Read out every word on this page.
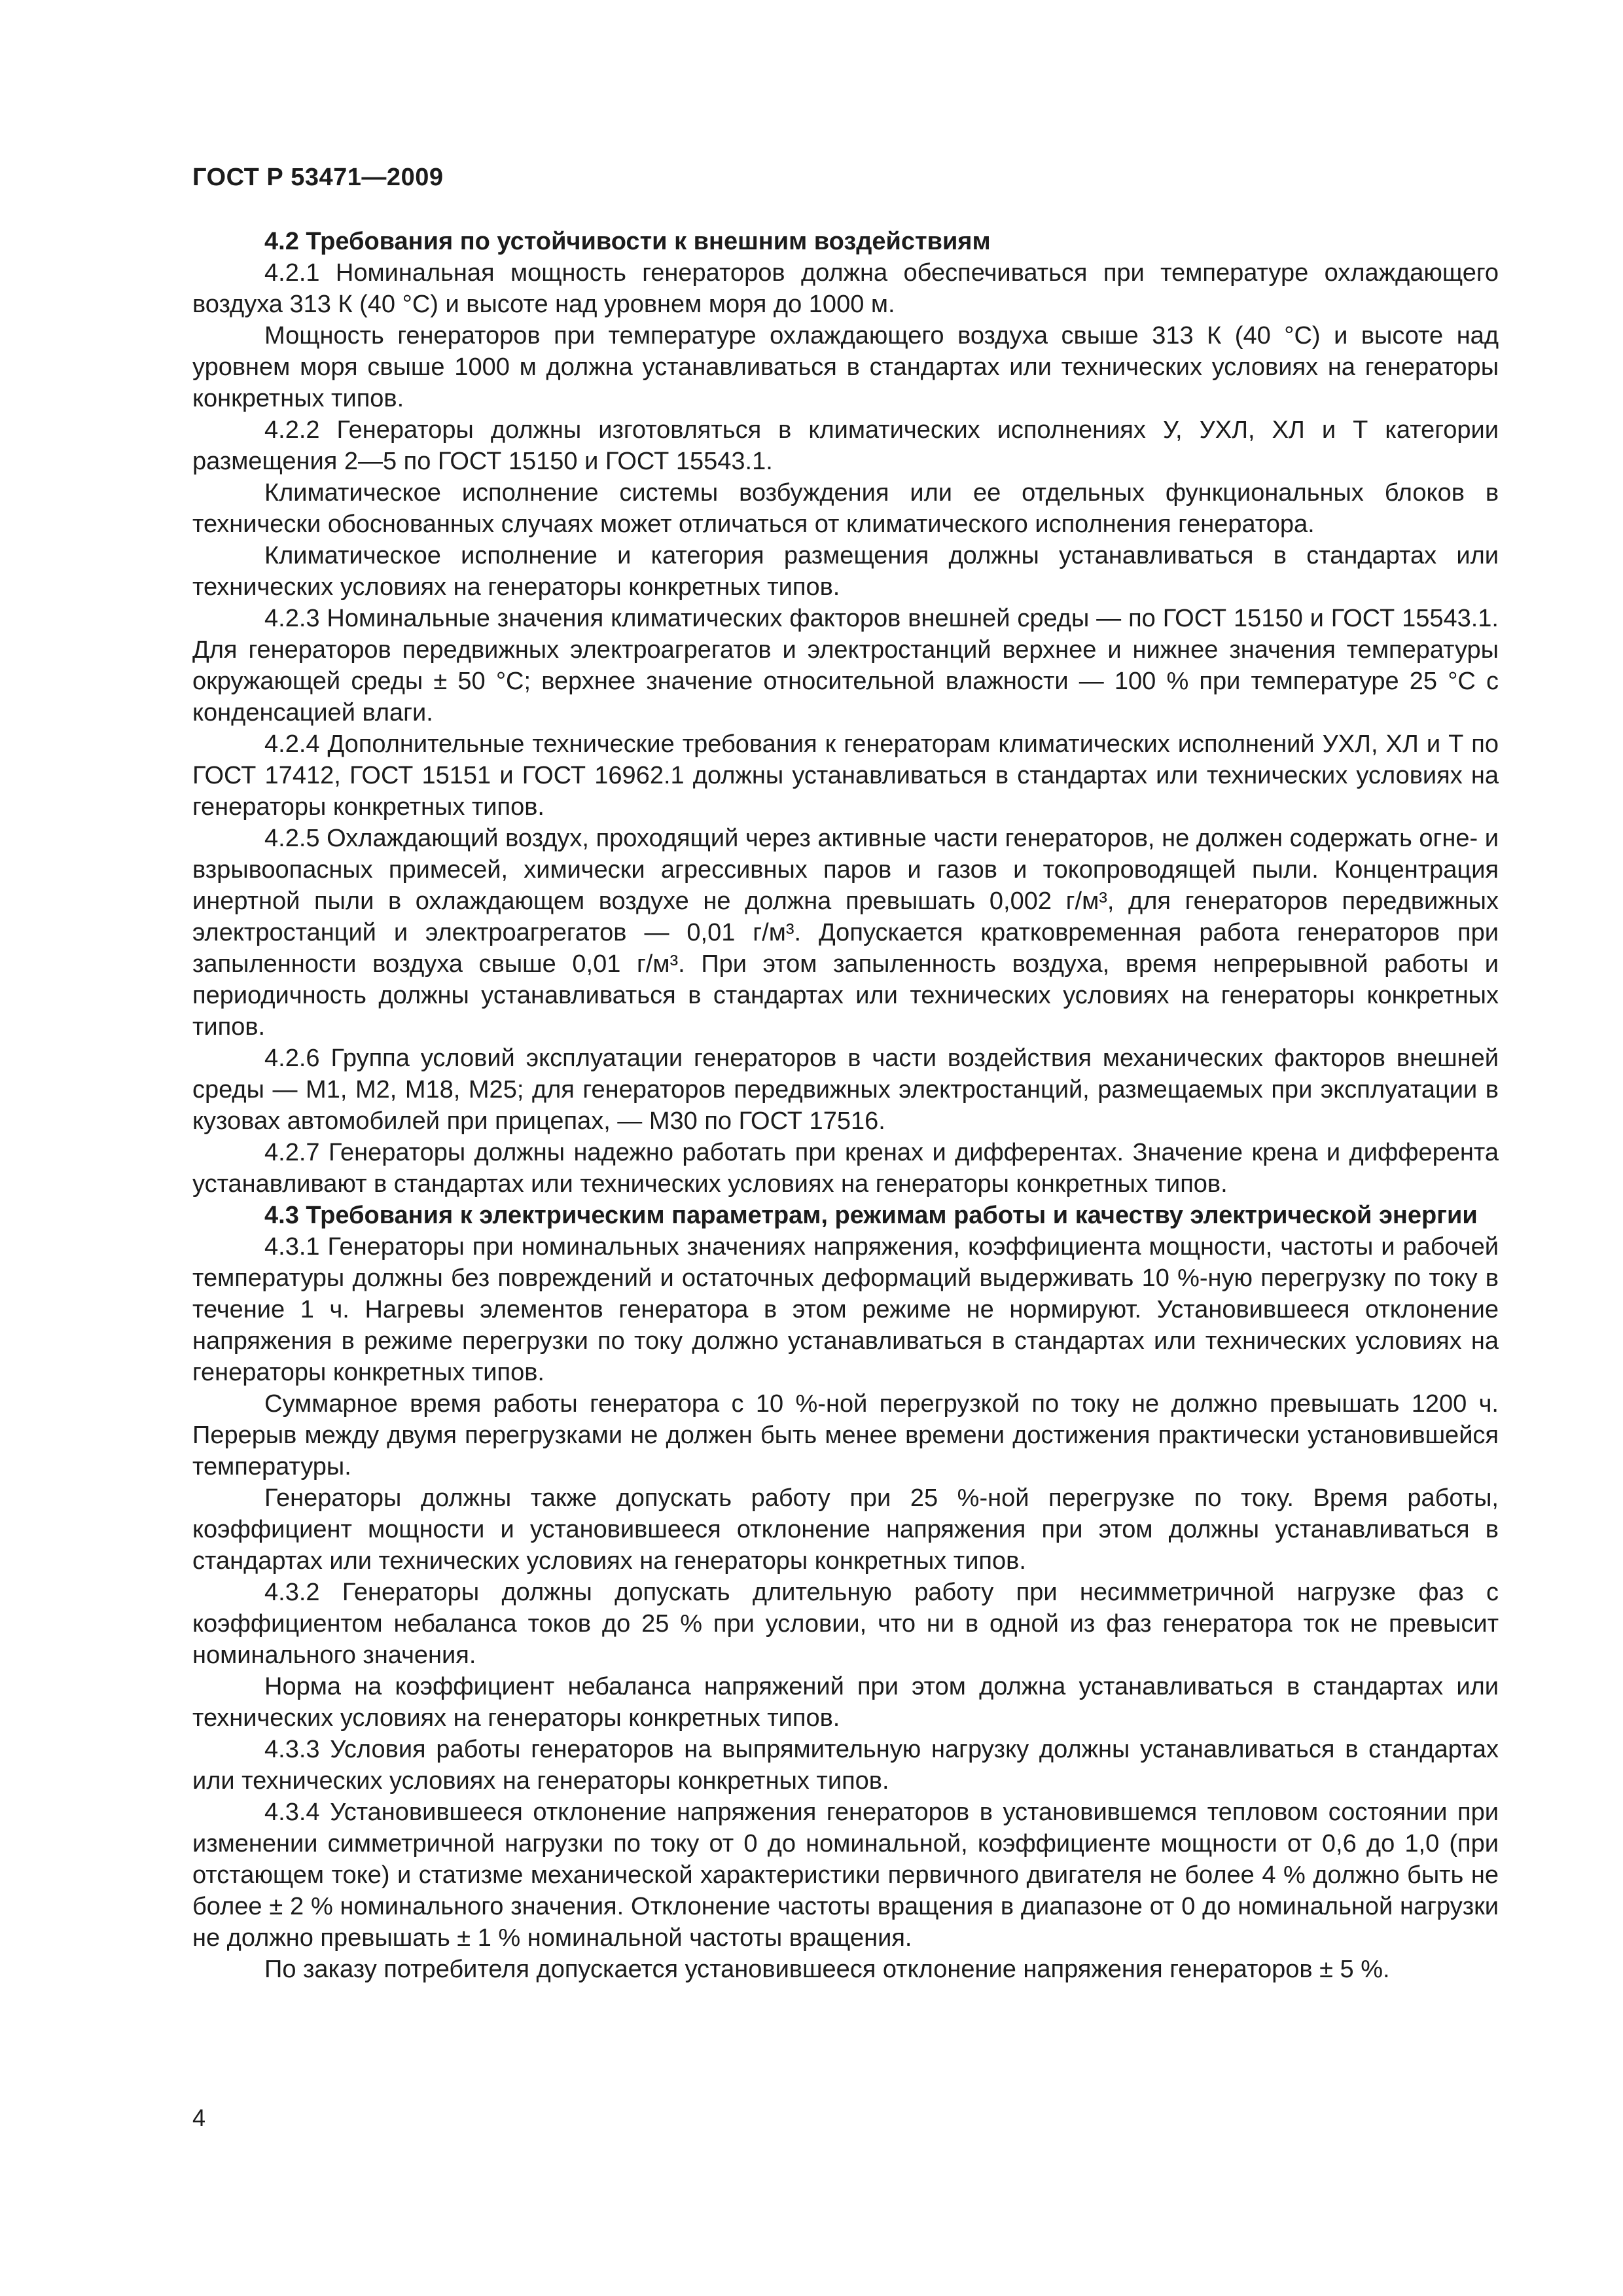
ГОСТ Р 53471—2009
4.2 Требования по устойчивости к внешним воздействиям

4.2.1 Номинальная мощность генераторов должна обеспечиваться при температуре охлаждающего воздуха 313 К (40 °С) и высоте над уровнем моря до 1000 м.

Мощность генераторов при температуре охлаждающего воздуха свыше 313 К (40 °С) и высоте над уровнем моря свыше 1000 м должна устанавливаться в стандартах или технических условиях на генераторы конкретных типов.

4.2.2 Генераторы должны изготовляться в климатических исполнениях У, УХЛ, ХЛ и Т категории размещения 2—5 по ГОСТ 15150 и ГОСТ 15543.1.

Климатическое исполнение системы возбуждения или ее отдельных функциональных блоков в технически обоснованных случаях может отличаться от климатического исполнения генератора.

Климатическое исполнение и категория размещения должны устанавливаться в стандартах или технических условиях на генераторы конкретных типов.

4.2.3 Номинальные значения климатических факторов внешней среды — по ГОСТ 15150 и ГОСТ 15543.1. Для генераторов передвижных электроагрегатов и электростанций верхнее и нижнее значения температуры окружающей среды ± 50 °С; верхнее значение относительной влажности — 100 % при температуре 25 °С с конденсацией влаги.

4.2.4 Дополнительные технические требования к генераторам климатических исполнений УХЛ, ХЛ и Т по ГОСТ 17412, ГОСТ 15151 и ГОСТ 16962.1 должны устанавливаться в стандартах или технических условиях на генераторы конкретных типов.

4.2.5 Охлаждающий воздух, проходящий через активные части генераторов, не должен содержать огне- и взрывоопасных примесей, химически агрессивных паров и газов и токопроводящей пыли. Концентрация инертной пыли в охлаждающем воздухе не должна превышать 0,002 г/м³, для генераторов передвижных электростанций и электроагрегатов — 0,01 г/м³. Допускается кратковременная работа генераторов при запыленности воздуха свыше 0,01 г/м³. При этом запыленность воздуха, время непрерывной работы и периодичность должны устанавливаться в стандартах или технических условиях на генераторы конкретных типов.

4.2.6 Группа условий эксплуатации генераторов в части воздействия механических факторов внешней среды — М1, М2, М18, М25; для генераторов передвижных электростанций, размещаемых при эксплуатации в кузовах автомобилей при прицепах, — М30 по ГОСТ 17516.

4.2.7 Генераторы должны надежно работать при кренах и дифферентах. Значение крена и дифферента устанавливают в стандартах или технических условиях на генераторы конкретных типов.

4.3 Требования к электрическим параметрам, режимам работы и качеству электрической энергии

4.3.1 Генераторы при номинальных значениях напряжения, коэффициента мощности, частоты и рабочей температуры должны без повреждений и остаточных деформаций выдерживать 10 %-ную перегрузку по току в течение 1 ч. Нагревы элементов генератора в этом режиме не нормируют. Установившееся отклонение напряжения в режиме перегрузки по току должно устанавливаться в стандартах или технических условиях на генераторы конкретных типов.

Суммарное время работы генератора с 10 %-ной перегрузкой по току не должно превышать 1200 ч. Перерыв между двумя перегрузками не должен быть менее времени достижения практически установившейся температуры.

Генераторы должны также допускать работу при 25 %-ной перегрузке по току. Время работы, коэффициент мощности и установившееся отклонение напряжения при этом должны устанавливаться в стандартах или технических условиях на генераторы конкретных типов.

4.3.2 Генераторы должны допускать длительную работу при несимметричной нагрузке фаз с коэффициентом небаланса токов до 25 % при условии, что ни в одной из фаз генератора ток не превысит номинального значения.

Норма на коэффициент небаланса напряжений при этом должна устанавливаться в стандартах или технических условиях на генераторы конкретных типов.

4.3.3 Условия работы генераторов на выпрямительную нагрузку должны устанавливаться в стандартах или технических условиях на генераторы конкретных типов.

4.3.4 Установившееся отклонение напряжения генераторов в установившемся тепловом состоянии при изменении симметричной нагрузки по току от 0 до номинальной, коэффициенте мощности от 0,6 до 1,0 (при отстающем токе) и статизме механической характеристики первичного двигателя не более 4 % должно быть не более ± 2 % номинального значения. Отклонение частоты вращения в диапазоне от 0 до номинальной нагрузки не должно превышать ± 1 % номинальной частоты вращения.

По заказу потребителя допускается установившееся отклонение напряжения генераторов ± 5 %.

4
